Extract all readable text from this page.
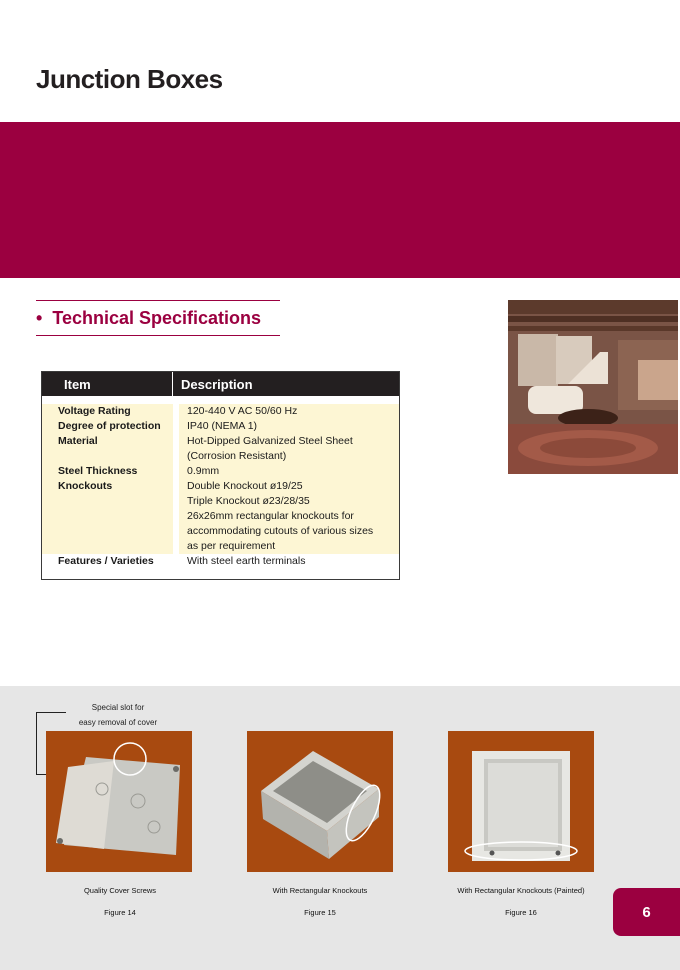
Junction Boxes
• Technical Specifications
Item	Description
Voltage Rating	120-440 V AC 50/60 Hz
Degree of protection	IP40 (NEMA 1)
Material	Hot-Dipped Galvanized Steel Sheet
(Corrosion Resistant)
Steel Thickness	0.9mm
Knockouts	Double Knockout ø19/25
Triple Knockout ø23/28/35
26x26mm rectangular knockouts for
accommodating cutouts of various sizes
as per requirement
Features / Varieties	With steel earth terminals
Special slot for
easy removal of cover
Quality Cover Screws
Figure 14
With Rectangular Knockouts
Figure 15
With Rectangular Knockouts (Painted)
Figure 16	6
